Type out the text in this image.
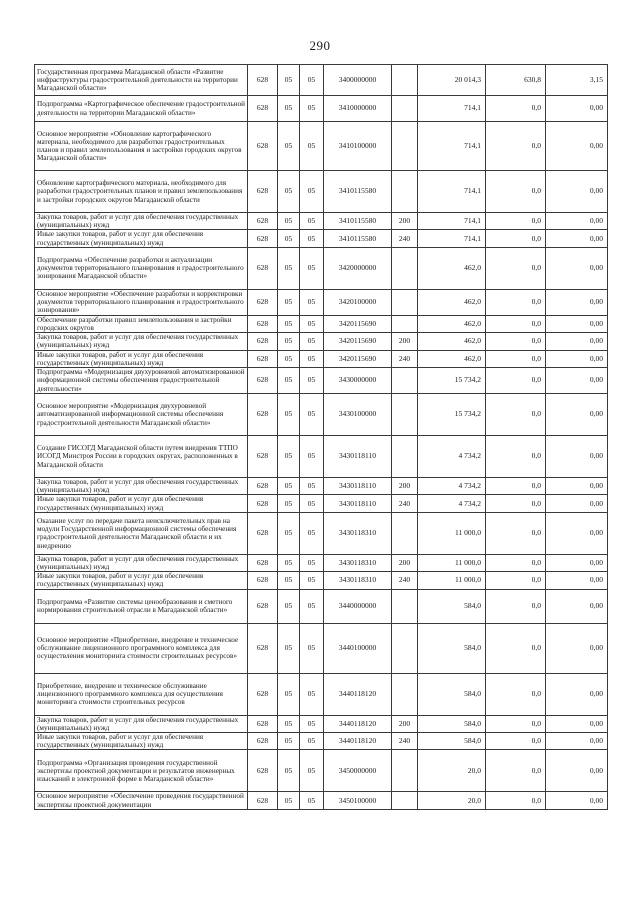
290
Государственная программа Магаданской области «Развитие инфраструктуры градостроительной деятельности на территории Магаданской области»	628	05	05	3400000000		20 014,3	630,8	3,15
Подпрограмма «Картографическое обеспечение градостроительной деятельности на территории Магаданской области»	628	05	05	3410000000		714,1	0,0	0,00
Основное мероприятие «Обновление картографического материала, необходимого для разработки градостроительных планов и правил землепользования и застройки городских округов Магаданской области»	628	05	05	3410100000		714,1	0,0	0,00
Обновление картографического материала, необходимого для разработки градостроительных планов и правил землепользования и застройки городских округов Магаданской области	628	05	05	3410115580		714,1	0,0	0,00
Закупка товаров, работ и услуг для обеспечения государственных (муниципальных) нужд	628	05	05	3410115580	200	714,1	0,0	0,00
Иные закупки товаров, работ и услуг для обеспечения государственных (муниципальных) нужд	628	05	05	3410115580	240	714,1	0,0	0,00
Подпрограмма «Обеспечение разработки и актуализации документов территориального планирования и градостроительного зонирования Магаданской области»	628	05	05	3420000000		462,0	0,0	0,00
Основное мероприятие «Обеспечение разработки и корректировки документов территориального планирования и градостроительного зонирования»	628	05	05	3420100000		462,0	0,0	0,00
Обеспечение разработки правил землепользования и застройки городских округов	628	05	05	3420115690		462,0	0,0	0,00
Закупка товаров, работ и услуг для обеспечения государственных (муниципальных) нужд	628	05	05	3420115690	200	462,0	0,0	0,00
Иные закупки товаров, работ и услуг для обеспечения государственных (муниципальных) нужд	628	05	05	3420115690	240	462,0	0,0	0,00
Подпрограмма «Модернизация двухуровневой автоматизированной информационной системы обеспечения градостроительной деятельности»	628	05	05	3430000000		15 734,2	0,0	0,00
Основное мероприятие «Модернизация двухуровневой автоматизированной информационной системы обеспечения градостроительной деятельности Магаданской области»	628	05	05	3430100000		15 734,2	0,0	0,00
Создание ГИСОГД Магаданской области путем внедрения ТТПО ИСОГД Минстроя России в городских округах, расположенных в Магаданской области	628	05	05	3430118110		4 734,2	0,0	0,00
Закупка товаров, работ и услуг для обеспечения государственных (муниципальных) нужд	628	05	05	3430118110	200	4 734,2	0,0	0,00
Иные закупки товаров, работ и услуг для обеспечения государственных (муниципальных) нужд	628	05	05	3430118110	240	4 734,2	0,0	0,00
Оказание услуг по передаче пакета неисключительных прав на модули Государственной информационной системы обеспечения градостроительной деятельности Магаданской области и их внедрению	628	05	05	3430118310		11 000,0	0,0	0,00
Закупка товаров, работ и услуг для обеспечения государственных (муниципальных) нужд	628	05	05	3430118310	200	11 000,0	0,0	0,00
Иные закупки товаров, работ и услуг для обеспечения государственных (муниципальных) нужд	628	05	05	3430118310	240	11 000,0	0,0	0,00
Подпрограмма «Развитие системы ценообразования и сметного нормирования строительной отрасли в Магаданской области»	628	05	05	3440000000		584,0	0,0	0,00
Основное мероприятие «Приобретение, внедрение и техническое обслуживание лицензионного программного комплекса для осуществления мониторинга стоимости строительных ресурсов»	628	05	05	3440100000		584,0	0,0	0,00
Приобретение, внедрение и техническое обслуживание лицензионного программного комплекса для осуществления мониторинга стоимости строительных ресурсов	628	05	05	3440118120		584,0	0,0	0,00
Закупка товаров, работ и услуг для обеспечения государственных (муниципальных) нужд	628	05	05	3440118120	200	584,0	0,0	0,00
Иные закупки товаров, работ и услуг для обеспечения государственных (муниципальных) нужд	628	05	05	3440118120	240	584,0	0,0	0,00
Подпрограмма «Организация проведения государственной экспертизы проектной документации и результатов инженерных изысканий в электронной форме в Магаданской области»	628	05	05	3450000000		20,0	0,0	0,00
Основное мероприятие «Обеспечение проведения государственной экспертизы проектной документации	628	05	05	3450100000		20,0	0,0	0,00
